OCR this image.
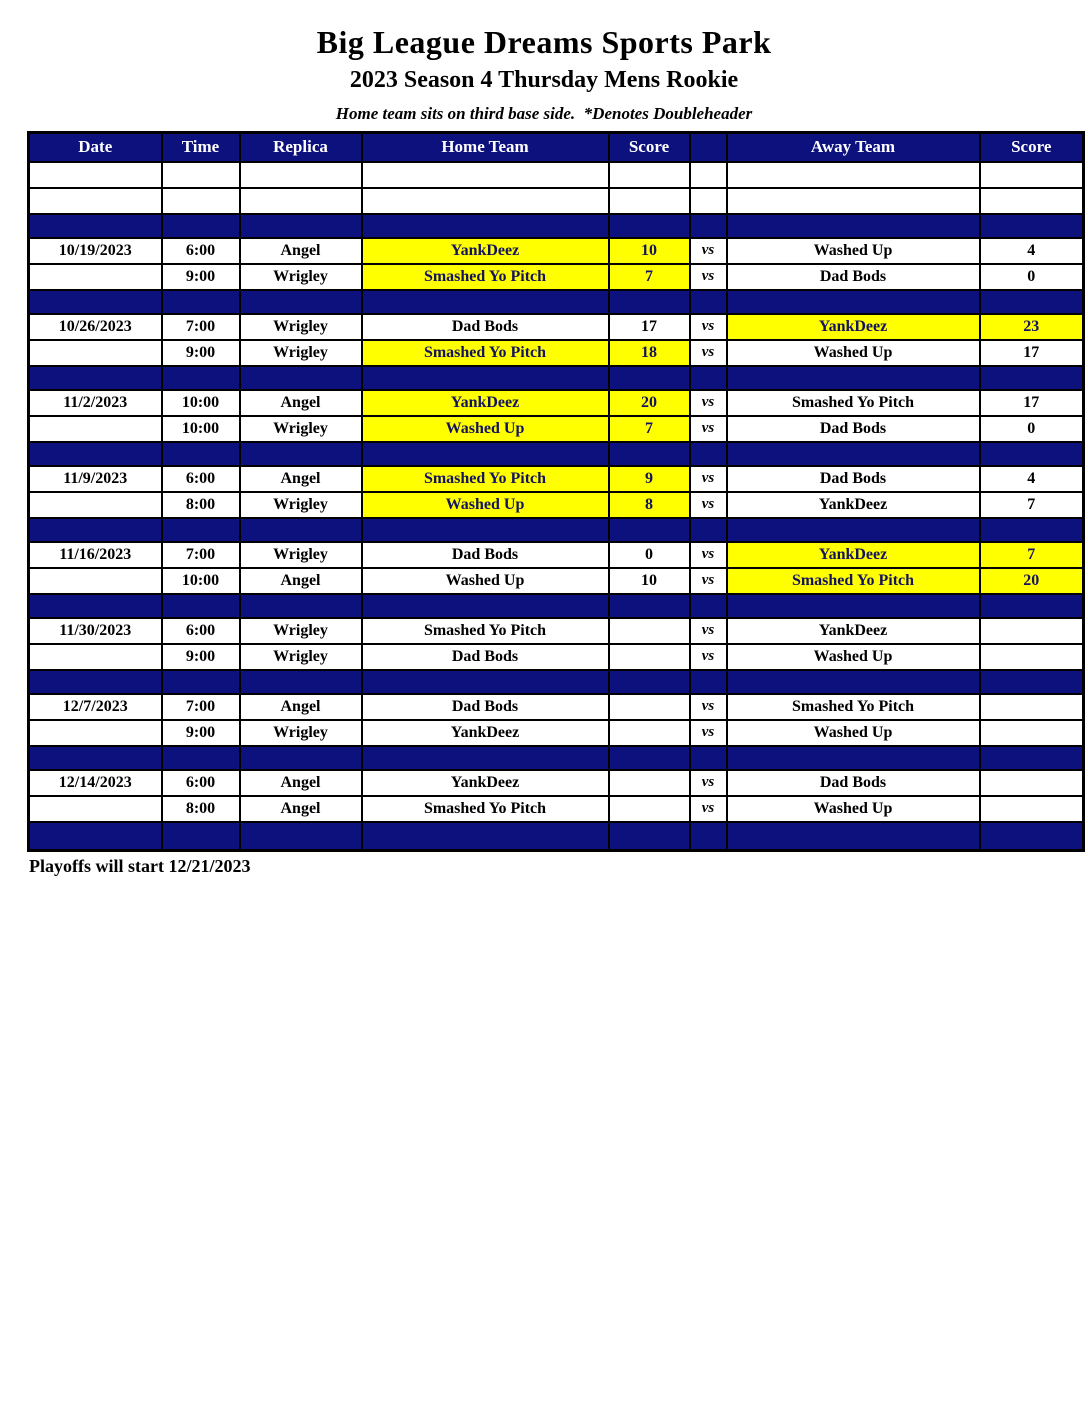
Big League Dreams Sports Park
2023 Season 4 Thursday Mens Rookie
Home team sits on third base side.  *Denotes Doubleheader
Date	Time	Replica	Home Team	Score		Away Team	Score

10/19/2023	6:00	Angel	YankDeez	10	vs	Washed Up	4
	9:00	Wrigley	Smashed Yo Pitch	7	vs	Dad Bods	0

10/26/2023	7:00	Wrigley	Dad Bods	17	vs	YankDeez	23
	9:00	Wrigley	Smashed Yo Pitch	18	vs	Washed Up	17

11/2/2023	10:00	Angel	YankDeez	20	vs	Smashed Yo Pitch	17
	10:00	Wrigley	Washed Up	7	vs	Dad Bods	0

11/9/2023	6:00	Angel	Smashed Yo Pitch	9	vs	Dad Bods	4
	8:00	Wrigley	Washed Up	8	vs	YankDeez	7

11/16/2023	7:00	Wrigley	Dad Bods	0	vs	YankDeez	7
	10:00	Angel	Washed Up	10	vs	Smashed Yo Pitch	20

11/30/2023	6:00	Wrigley	Smashed Yo Pitch		vs	YankDeez	
	9:00	Wrigley	Dad Bods		vs	Washed Up	

12/7/2023	7:00	Angel	Dad Bods		vs	Smashed Yo Pitch	
	9:00	Wrigley	YankDeez		vs	Washed Up	

12/14/2023	6:00	Angel	YankDeez		vs	Dad Bods	
	8:00	Angel	Smashed Yo Pitch		vs	Washed Up	

Playoffs will start 12/21/2023
